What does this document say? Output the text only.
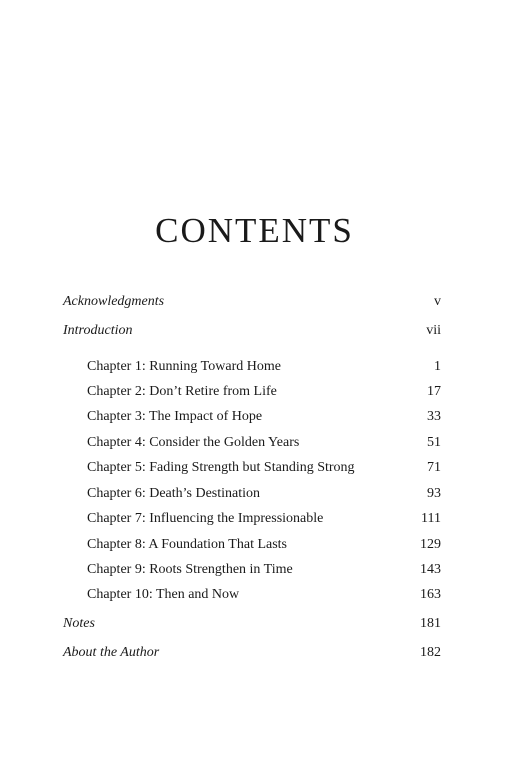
CONTENTS
Acknowledgments	v
Introduction	vii
Chapter 1: Running Toward Home	1
Chapter 2: Don’t Retire from Life	17
Chapter 3: The Impact of Hope	33
Chapter 4: Consider the Golden Years	51
Chapter 5: Fading Strength but Standing Strong	71
Chapter 6: Death’s Destination	93
Chapter 7: Influencing the Impressionable	111
Chapter 8: A Foundation That Lasts	129
Chapter 9: Roots Strengthen in Time	143
Chapter 10: Then and Now	163
Notes	181
About the Author	182
